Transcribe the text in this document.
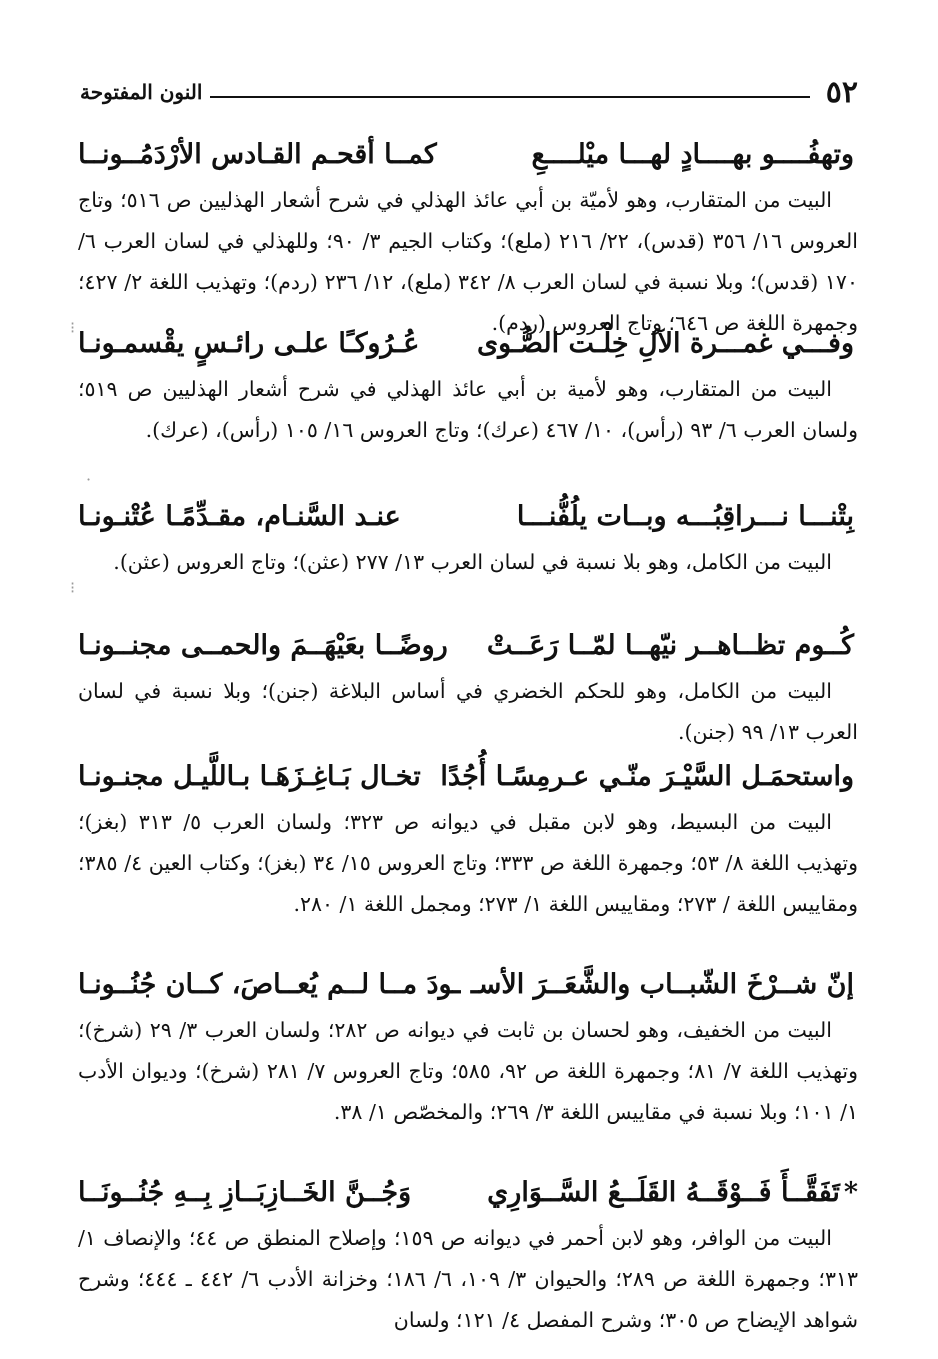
٥٢
النون المفتوحة
⁝
·
⁝
وتهفُــــو بهــــادٍ لهـــا ميْلــــعِ
كمــا أقحـم القـادس الأرْدَمُــونــا

البيت من المتقارب، وهو لأميّة بن أبي عائذ الهذلي في شرح أشعار الهذليين ص ٥١٦؛ وتاج العروس ١٦/ ٣٥٦ (قدس)، ٢٢/ ٢١٦ (ملع)؛ وكتاب الجيم ٣/ ٩٠؛ وللهذلي في لسان العرب ٦/ ١٧٠ (قدس)؛ وبلا نسبة في لسان العرب ٨/ ٣٤٢ (ملع)، ١٢/ ٢٣٦ (ردم)؛ وتهذيب اللغة ٢/ ٤٢٧؛ وجمهرة اللغة ص ٦٤٦؛ وتاج العروس (ردم).

وفـــي غمـــرة الآلِ خِلْـت الصُّـوى
عُـرُوكـًا علـى رائـسٍ يقْسمـونـا

البيت من المتقارب، وهو لأمية بن أبي عائذ الهذلي في شرح أشعار الهذليين ص ٥١٩؛ ولسان العرب ٦/ ٩٣ (رأس)، ١٠/ ٤٦٧ (عرك)؛ وتاج العروس ١٦/ ١٠٥ (رأس)، (عرك).

بِتْنـــا نـــراقِبُـــه وبــات يلُفُّنـــا
عنـد السَّنـام، مقـدِّمًـا عُتْنـونـا

البيت من الكامل، وهو بلا نسبة في لسان العرب ١٣/ ٢٧٧ (عثن)؛ وتاج العروس (عثن).

كُــوم تظــاهــر نيّهــا لمّــا رَعَــتْ
روضًــا بعَيْهَــمَ والحمــى مجنــونـا

البيت من الكامل، وهو للحكم الخضري في أساس البلاغة (جنن)؛ وبلا نسبة في لسان العرب ١٣/ ٩٩ (جنن).

واستحمَـل السَّيْـرَ منّـي عـرمِسًـا أُجُدًا
تخـال بَـاغِـزَهَـا بـاللَّيـل مجنـونـا

البيت من البسيط، وهو لابن مقبل في ديوانه ص ٣٢٣؛ ولسان العرب ٥/ ٣١٣ (بغز)؛ وتهذيب اللغة ٨/ ٥٣؛ وجمهرة اللغة ص ٣٣٣؛ وتاج العروس ١٥/ ٣٤ (بغز)؛ وكتاب العين ٤/ ٣٨٥؛ ومقاييس اللغة / ٢٧٣؛ ومقاييس اللغة ١/ ٢٧٣؛ ومجمل اللغة ١/ ٢٨٠.

إنّ شــرْخَ الشّبــاب والشَّعَــرَ الأسـ
ـودَ مــا لــم يُعــاصَ، كــان جُنُــونـا

البيت من الخفيف، وهو لحسان بن ثابت في ديوانه ص ٢٨٢؛ ولسان العرب ٣/ ٢٩ (شرخ)؛ وتهذيب اللغة ٧/ ٨١؛ وجمهرة اللغة ص ٩٢، ٥٨٥؛ وتاج العروس ٧/ ٢٨١ (شرخ)؛ وديوان الأدب ١/ ١٠١؛ وبلا نسبة في مقاييس اللغة ٣/ ٢٦٩؛ والمخصّص ١/ ٣٨.

*تَفَقَّــأَ فَــوْقَــهُ القَلَــعُ السَّــوَارِي
وَجُــنَّ الخَــازِبَــازِ بِــهِ جُنُــونَــا

البيت من الوافر، وهو لابن أحمر في ديوانه ص ١٥٩؛ وإصلاح المنطق ص ٤٤؛ والإنصاف ١/ ٣١٣؛ وجمهرة اللغة ص ٢٨٩؛ والحيوان ٣/ ١٠٩، ٦/ ١٨٦؛ وخزانة الأدب ٦/ ٤٤٢ ـ ٤٤٤؛ وشرح شواهد الإيضاح ص ٣٠٥؛ وشرح المفصل ٤/ ١٢١؛ ولسان
